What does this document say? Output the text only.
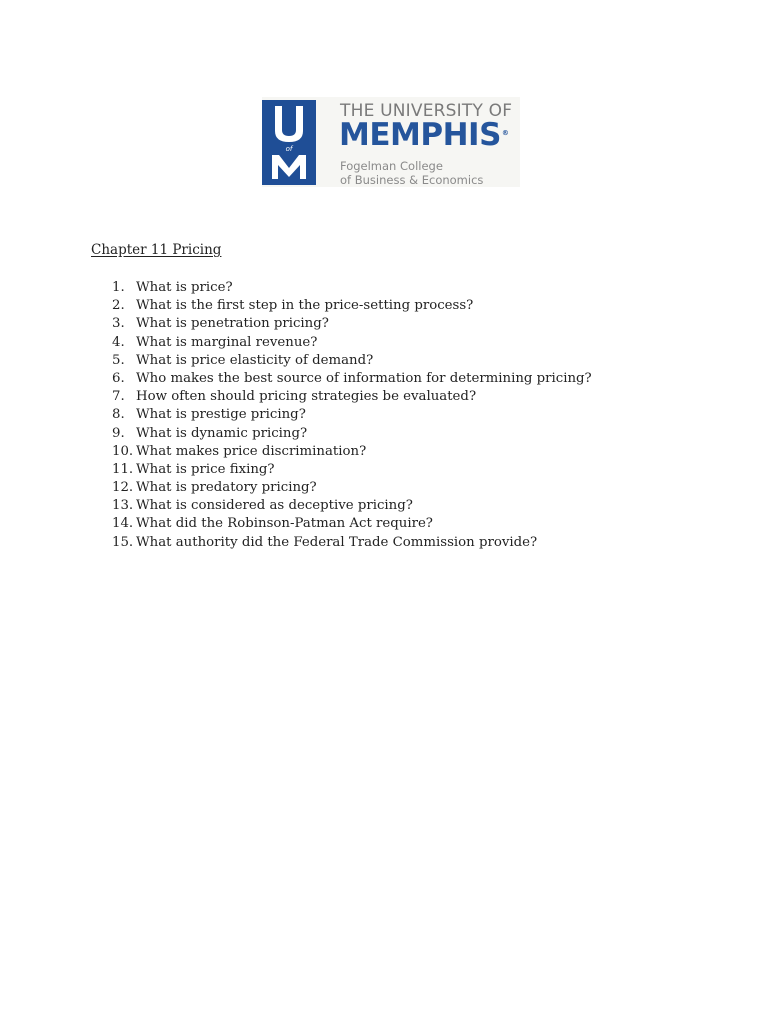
of
THE UNIVERSITY OF
MEMPHIS®
Fogelman College
of Business & Economics
Chapter 11 Pricing
1. What is price?
2. What is the first step in the price-setting process?
3. What is penetration pricing?
4. What is marginal revenue?
5. What is price elasticity of demand?
6. Who makes the best source of information for determining pricing?
7. How often should pricing strategies be evaluated?
8. What is prestige pricing?
9. What is dynamic pricing?
10. What makes price discrimination?
11. What is price fixing?
12. What is predatory pricing?
13. What is considered as deceptive pricing?
14. What did the Robinson-Patman Act require?
15. What authority did the Federal Trade Commission provide?
